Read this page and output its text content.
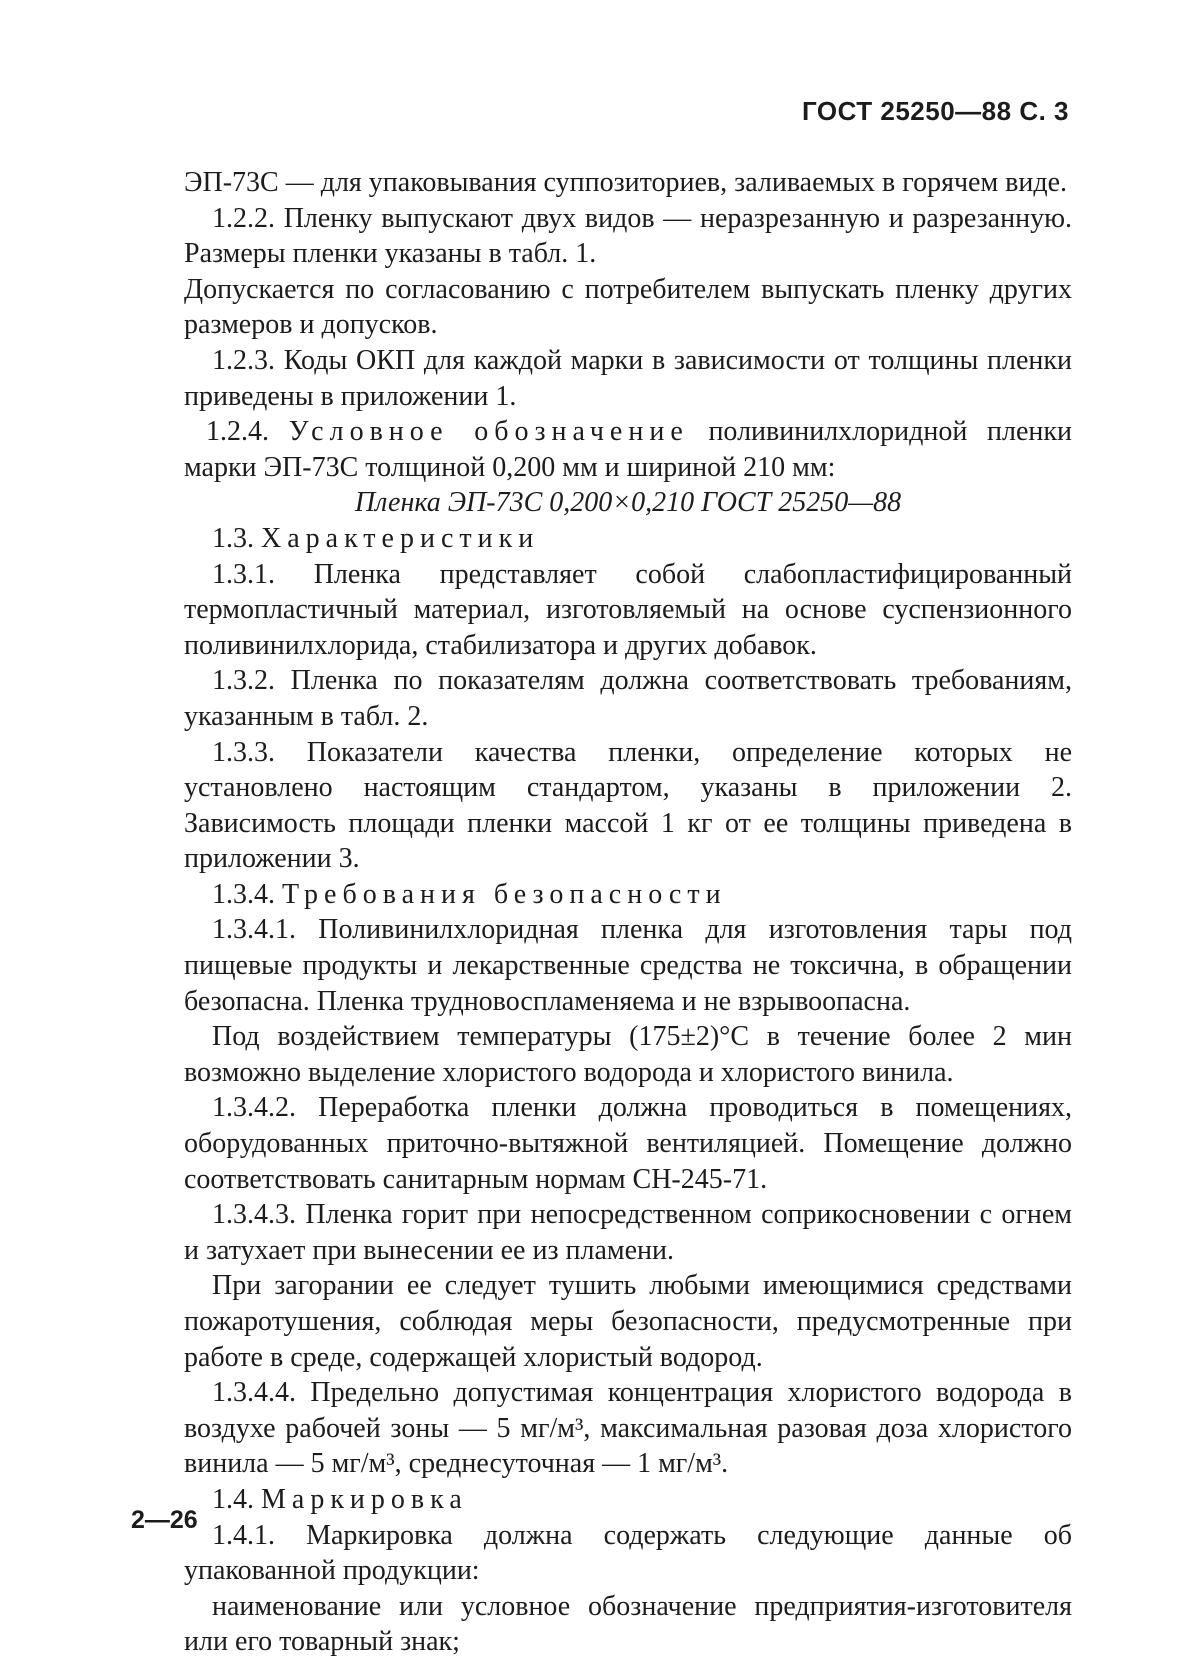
ГОСТ 25250—88 С. 3

ЭП-73С — для упаковывания суппозиториев, заливаемых в горячем виде.

1.2.2. Пленку выпускают двух видов — неразрезанную и разрезанную. Размеры пленки указаны в табл. 1.

Допускается по согласованию с потребителем выпускать пленку других размеров и допусков.

1.2.3. Коды ОКП для каждой марки в зависимости от толщины пленки приведены в приложении 1.

1.2.4. Условное обозначение поливинилхлоридной пленки марки ЭП-73С толщиной 0,200 мм и шириной 210 мм:

Пленка ЭП-73С 0,200×0,210 ГОСТ 25250—88

1.3. Характеристики

1.3.1. Пленка представляет собой слабопластифицированный термопластичный материал, изготовляемый на основе суспензионного поливинилхлорида, стабилизатора и других добавок.

1.3.2. Пленка по показателям должна соответствовать требованиям, указанным в табл. 2.

1.3.3. Показатели качества пленки, определение которых не установлено настоящим стандартом, указаны в приложении 2. Зависимость площади пленки массой 1 кг от ее толщины приведена в приложении 3.

1.3.4. Требования безопасности

1.3.4.1. Поливинилхлоридная пленка для изготовления тары под пищевые продукты и лекарственные средства не токсична, в обращении безопасна. Пленка трудновоспламеняема и не взрывоопасна.

Под воздействием температуры (175±2)°С в течение более 2 мин возможно выделение хлористого водорода и хлористого винила.

1.3.4.2. Переработка пленки должна проводиться в помещениях, оборудованных приточно-вытяжной вентиляцией. Помещение должно соответствовать санитарным нормам СН-245-71.

1.3.4.3. Пленка горит при непосредственном соприкосновении с огнем и затухает при вынесении ее из пламени.

При загорании ее следует тушить любыми имеющимися средствами пожаротушения, соблюдая меры безопасности, предусмотренные при работе в среде, содержащей хлористый водород.

1.3.4.4. Предельно допустимая концентрация хлористого водорода в воздухе рабочей зоны — 5 мг/м³, максимальная разовая доза хлористого винила — 5 мг/м³, среднесуточная — 1 мг/м³.

1.4. Маркировка

1.4.1. Маркировка должна содержать следующие данные об упакованной продукции:

наименование или условное обозначение предприятия-изготовителя или его товарный знак;

2—26
